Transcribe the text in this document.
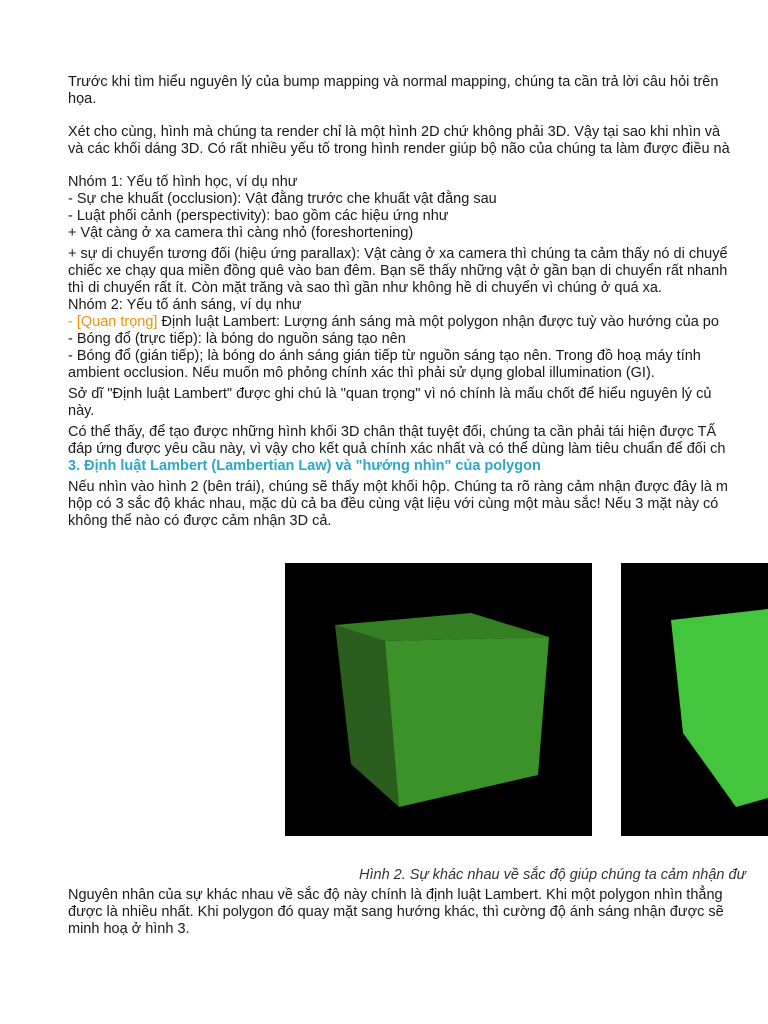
Trước khi tìm hiểu nguyên lý của bump mapping và normal mapping, chúng ta cần trả lời câu hỏi trên

họa.

Xét cho cùng, hình mà chúng ta render chỉ là một hình 2D chứ không phải 3D. Vậy tại sao khi nhìn và

và các khối dáng 3D. Có rất nhiều yếu tố trong hình render giúp bộ não của chúng ta làm được điều nà

Nhóm 1: Yếu tố hình học, ví dụ như

- Sự che khuất (occlusion): Vật đằng trước che khuất vật đằng sau

- Luật phối cảnh (perspectivity): bao gồm các hiệu ứng như

+ Vật càng ở xa camera thì càng nhỏ (foreshortening)

+ sự di chuyển tương đối (hiệu ứng parallax): Vật càng ở xa camera thì chúng ta cảm thấy nó di chuyể

chiếc xe chạy qua miền đồng quê vào ban đêm. Bạn sẽ thấy những vật ở gần bạn di chuyển rất nhanh

thì di chuyển rất ít. Còn mặt trăng và sao thì gần như không hề di chuyển vì chúng ở quá xa.

Nhóm 2: Yếu tố ánh sáng, ví dụ như

- [Quan trọng] Định luật Lambert: Lượng ánh sáng mà một polygon nhận được tuỳ vào hướng của po

- Bóng đổ (trực tiếp): là bóng do nguồn sáng tạo nên

- Bóng đổ (gián tiếp); là bóng do ánh sáng gián tiếp từ nguồn sáng tạo nên. Trong đồ hoạ máy tính

ambient occlusion. Nếu muốn mô phỏng chính xác thì phải sử dụng global illumination (GI).

Sở dĩ "Định luật Lambert" được ghi chú là "quan trọng" vì nó chính là mấu chốt để hiểu nguyên lý củ

này.

Có thể thấy, để tạo được những hình khối 3D chân thật tuyệt đối, chúng ta cần phải tái hiện được TẤ

đáp ứng được yêu cầu này, vì vậy cho kết quả chính xác nhất và có thể dùng làm tiêu chuẩn để đối ch

3. Định luật Lambert (Lambertian Law) và "hướng nhìn" của polygon

Nếu nhìn vào hình 2 (bên trái), chúng sẽ thấy một khối hộp. Chúng ta rõ ràng cảm nhận được đây là m

hộp có 3 sắc độ khác nhau, mặc dù cả ba đều cùng vật liệu với cùng một màu sắc! Nếu 3 mặt này có

không thể nào có được cảm nhận 3D cả.

Hình 2. Sự khác nhau về sắc độ giúp chúng ta cảm nhận đư

Nguyên nhân của sự khác nhau về sắc độ này chính là định luật Lambert. Khi một polygon nhìn thẳng

được là nhiều nhất. Khi polygon đó quay mặt sang hướng khác, thì cường độ ánh sáng nhận được sẽ

minh hoạ ở hình 3.
